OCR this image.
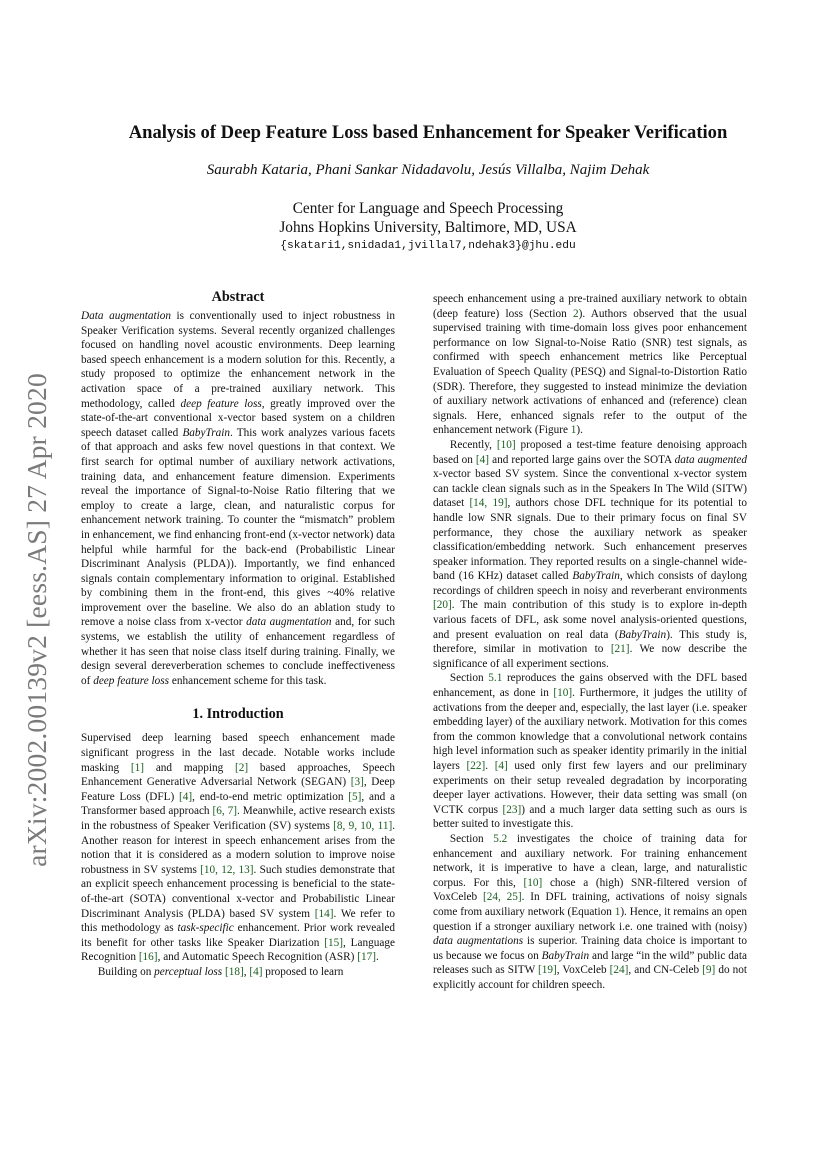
arXiv:2002.00139v2 [eess.AS] 27 Apr 2020
Analysis of Deep Feature Loss based Enhancement for Speaker Verification

Saurabh Kataria, Phani Sankar Nidadavolu, Jesús Villalba, Najim Dehak

Center for Language and Speech Processing

Johns Hopkins University, Baltimore, MD, USA

{skatari1,snidada1,jvillal7,ndehak3}@jhu.edu

Abstract

Data augmentation is conventionally used to inject robustness in Speaker Verification systems. Several recently organized challenges focused on handling novel acoustic environments. Deep learning based speech enhancement is a modern solution for this. Recently, a study proposed to optimize the enhancement network in the activation space of a pre-trained auxiliary network. This methodology, called deep feature loss, greatly improved over the state-of-the-art conventional x-vector based system on a children speech dataset called BabyTrain. This work analyzes various facets of that approach and asks few novel questions in that context. We first search for optimal number of auxiliary network activations, training data, and enhancement feature dimension. Experiments reveal the importance of Signal-to-Noise Ratio filtering that we employ to create a large, clean, and naturalistic corpus for enhancement network training. To counter the “mismatch” problem in enhancement, we find enhancing front-end (x-vector network) data helpful while harmful for the back-end (Probabilistic Linear Discriminant Analysis (PLDA)). Importantly, we find enhanced signals contain complementary information to original. Established by combining them in the front-end, this gives ~40% relative improvement over the baseline. We also do an ablation study to remove a noise class from x-vector data augmentation and, for such systems, we establish the utility of enhancement regardless of whether it has seen that noise class itself during training. Finally, we design several dereverberation schemes to conclude ineffectiveness of deep feature loss enhancement scheme for this task.

1. Introduction

Supervised deep learning based speech enhancement made significant progress in the last decade. Notable works include masking [1] and mapping [2] based approaches, Speech Enhancement Generative Adversarial Network (SEGAN) [3], Deep Feature Loss (DFL) [4], end-to-end metric optimization [5], and a Transformer based approach [6, 7]. Meanwhile, active research exists in the robustness of Speaker Verification (SV) systems [8, 9, 10, 11]. Another reason for interest in speech enhancement arises from the notion that it is considered as a modern solution to improve noise robustness in SV systems [10, 12, 13]. Such studies demonstrate that an explicit speech enhancement processing is beneficial to the state-of-the-art (SOTA) conventional x-vector and Probabilistic Linear Discriminant Analysis (PLDA) based SV system [14]. We refer to this methodology as task-specific enhancement. Prior work revealed its benefit for other tasks like Speaker Diarization [15], Language Recognition [16], and Automatic Speech Recognition (ASR) [17].

Building on perceptual loss [18], [4] proposed to learn

speech enhancement using a pre-trained auxiliary network to obtain (deep feature) loss (Section 2). Authors observed that the usual supervised training with time-domain loss gives poor enhancement performance on low Signal-to-Noise Ratio (SNR) test signals, as confirmed with speech enhancement metrics like Perceptual Evaluation of Speech Quality (PESQ) and Signal-to-Distortion Ratio (SDR). Therefore, they suggested to instead minimize the deviation of auxiliary network activations of enhanced and (reference) clean signals. Here, enhanced signals refer to the output of the enhancement network (Figure 1).

Recently, [10] proposed a test-time feature denoising approach based on [4] and reported large gains over the SOTA data augmented x-vector based SV system. Since the conventional x-vector system can tackle clean signals such as in the Speakers In The Wild (SITW) dataset [14, 19], authors chose DFL technique for its potential to handle low SNR signals. Due to their primary focus on final SV performance, they chose the auxiliary network as speaker classification/embedding network. Such enhancement preserves speaker information. They reported results on a single-channel wide-band (16 KHz) dataset called BabyTrain, which consists of daylong recordings of children speech in noisy and reverberant environments [20]. The main contribution of this study is to explore in-depth various facets of DFL, ask some novel analysis-oriented questions, and present evaluation on real data (BabyTrain). This study is, therefore, similar in motivation to [21]. We now describe the significance of all experiment sections.

Section 5.1 reproduces the gains observed with the DFL based enhancement, as done in [10]. Furthermore, it judges the utility of activations from the deeper and, especially, the last layer (i.e. speaker embedding layer) of the auxiliary network. Motivation for this comes from the common knowledge that a convolutional network contains high level information such as speaker identity primarily in the initial layers [22]. [4] used only first few layers and our preliminary experiments on their setup revealed degradation by incorporating deeper layer activations. However, their data setting was small (on VCTK corpus [23]) and a much larger data setting such as ours is better suited to investigate this.

Section 5.2 investigates the choice of training data for enhancement and auxiliary network. For training enhancement network, it is imperative to have a clean, large, and naturalistic corpus. For this, [10] chose a (high) SNR-filtered version of VoxCeleb [24, 25]. In DFL training, activations of noisy signals come from auxiliary network (Equation 1). Hence, it remains an open question if a stronger auxiliary network i.e. one trained with (noisy) data augmentations is superior. Training data choice is important to us because we focus on BabyTrain and large “in the wild” public data releases such as SITW [19], VoxCeleb [24], and CN-Celeb [9] do not explicitly account for children speech.
